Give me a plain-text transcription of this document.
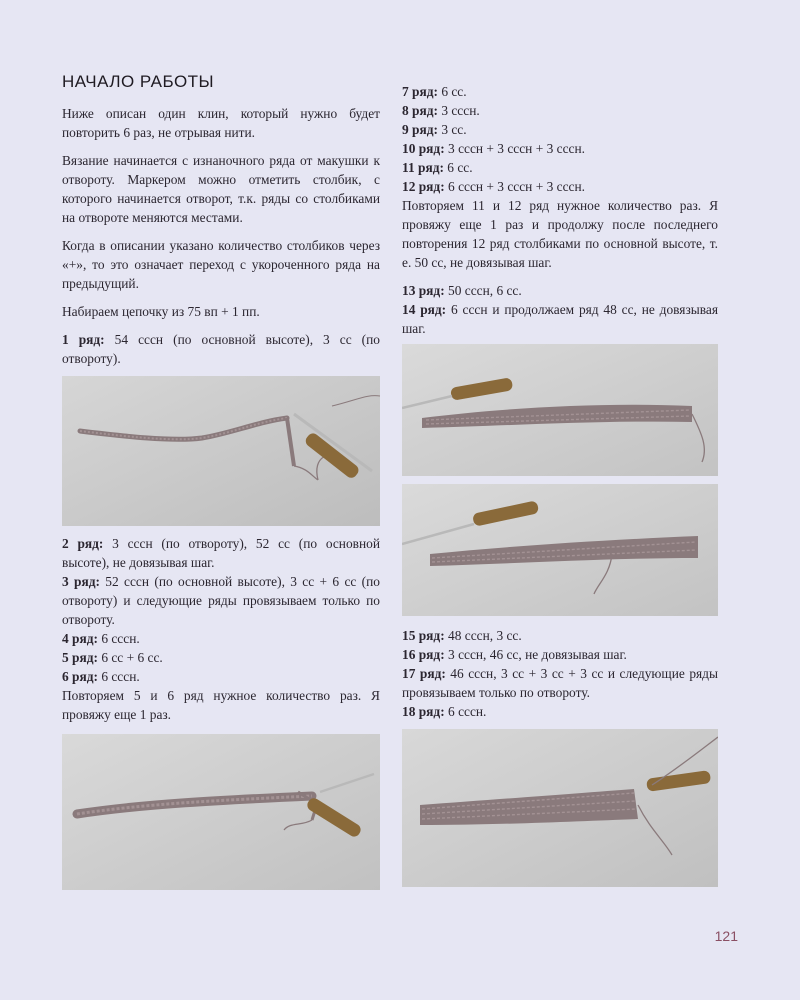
НАЧАЛО РАБОТЫ

Ниже описан один клин, который нужно будет повторить 6 раз, не отрывая нити.

Вязание начинается с изнаночного ряда от макушки к отвороту. Маркером можно отметить столбик, с которого начинается отворот, т.к. ряды со столбиками на отвороте меняются местами.

Когда в описании указано количество столбиков через «+», то это означает переход с укороченного ряда на предыдущий.

Набираем цепочку из 75 вп + 1 пп.

1 ряд: 54 сссн (по основной высоте), 3 сс (по отвороту).
2 ряд: 3 сссн (по отвороту), 52 сс (по основной высоте), не довязывая шаг.
3 ряд: 52 сссн (по основной высоте), 3 сс + 6 сс (по отвороту) и следующие ряды провязываем только по отвороту.
4 ряд: 6 сссн.
5 ряд: 6 сс + 6 сс.
6 ряд: 6 сссн.

Повторяем 5 и 6 ряд нужное количество раз. Я провяжу еще 1 раз.

7 ряд: 6 сс.
8 ряд: 3 сссн.
9 ряд: 3 сс.
10 ряд: 3 сссн + 3 сссн + 3 сссн.
11 ряд: 6 сс.
12 ряд: 6 сссн + 3 сссн + 3 сссн.

Повторяем 11 и 12 ряд нужное количество раз. Я провяжу еще 1 раз и продолжу после последнего повторения 12 ряд столбиками по основной высоте, т. е. 50 сс, не довязывая шаг.

13 ряд: 50 сссн, 6 сс.
14 ряд: 6 сссн и продолжаем ряд 48 сс, не довязывая шаг.
15 ряд: 48 сссн, 3 сс.
16 ряд: 3 сссн, 46 сс, не довязывая шаг.
17 ряд: 46 сссн, 3 сс + 3 сс + 3 сс и следующие ряды провязываем только по отвороту.
18 ряд: 6 сссн.
121
